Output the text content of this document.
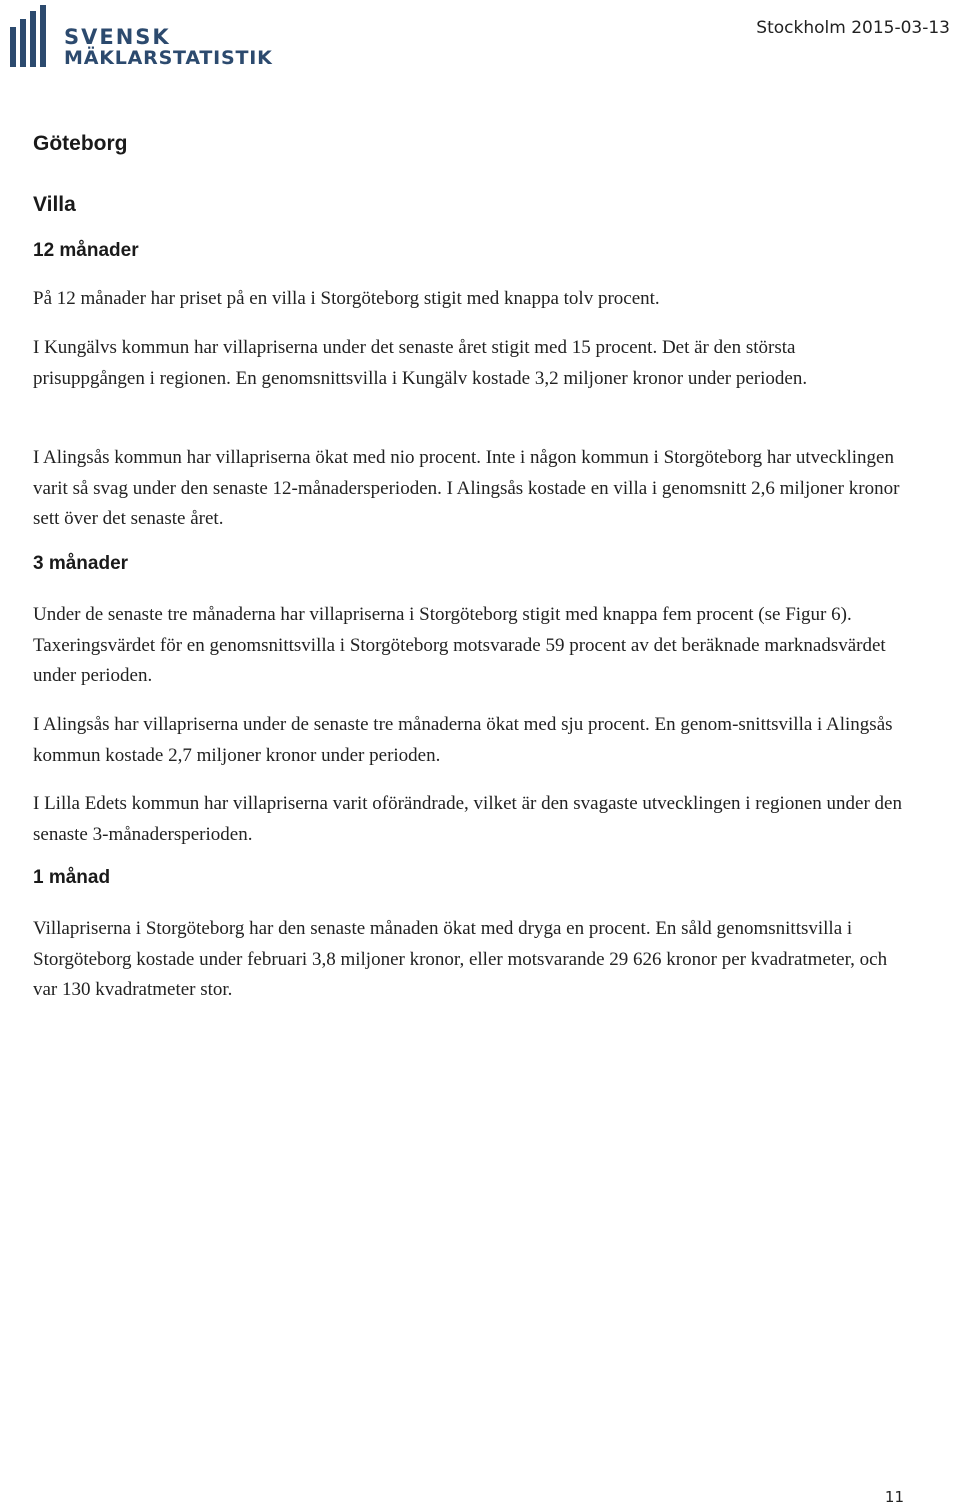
SVENSK
MÄKLARSTATISTIK
Stockholm 2015-03-13
Göteborg
Villa
12 månader

På 12 månader har priset på en villa i Storgöteborg stigit med knappa tolv procent.

I Kungälvs kommun har villapriserna under det senaste året stigit med 15 procent. Det är den största prisuppgången i regionen. En genomsnittsvilla i Kungälv kostade 3,2 miljoner kronor under perioden.

I Alingsås kommun har villapriserna ökat med nio procent. Inte i någon kommun i Storgöteborg har utvecklingen varit så svag under den senaste 12-månadersperioden. I Alingsås kostade en villa i genomsnitt 2,6 miljoner kronor sett över det senaste året.

3 månader

Under de senaste tre månaderna har villapriserna i Storgöteborg stigit med knappa fem procent (se Figur 6). Taxeringsvärdet för en genomsnittsvilla i Storgöteborg motsvarade 59 procent av det beräknade marknadsvärdet under perioden.

I Alingsås har villapriserna under de senaste tre månaderna ökat med sju procent. En genom-snittsvilla i Alingsås kommun kostade 2,7 miljoner kronor under perioden.

I Lilla Edets kommun har villapriserna varit oförändrade, vilket är den svagaste utvecklingen i regionen under den senaste 3-månadersperioden.

1 månad

Villapriserna i Storgöteborg har den senaste månaden ökat med dryga en procent. En såld genomsnittsvilla i Storgöteborg kostade under februari 3,8 miljoner kronor, eller motsvarande 29 626 kronor per kvadratmeter, och var 130 kvadratmeter stor.

11
